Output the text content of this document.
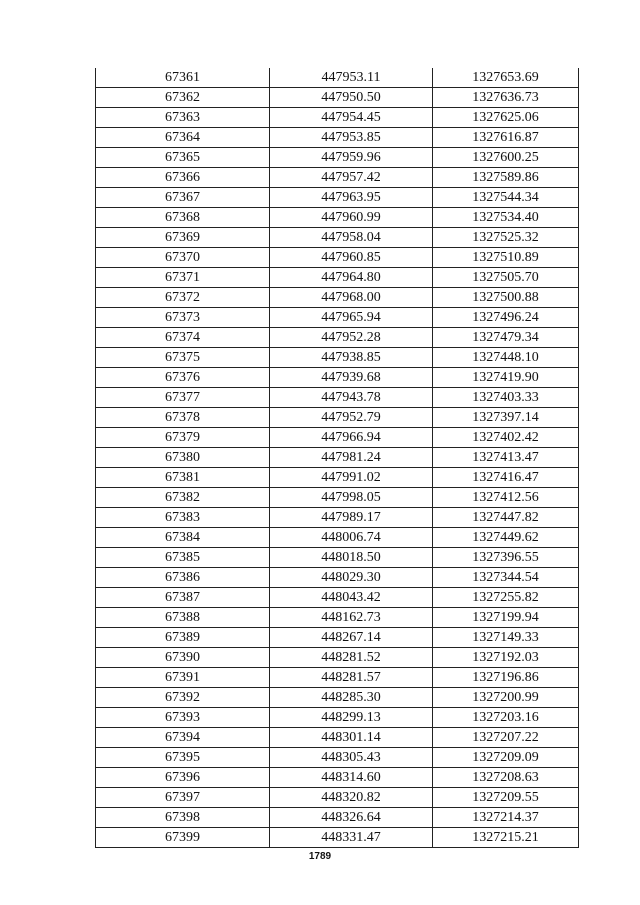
67361	447953.11	1327653.69
67362	447950.50	1327636.73
67363	447954.45	1327625.06
67364	447953.85	1327616.87
67365	447959.96	1327600.25
67366	447957.42	1327589.86
67367	447963.95	1327544.34
67368	447960.99	1327534.40
67369	447958.04	1327525.32
67370	447960.85	1327510.89
67371	447964.80	1327505.70
67372	447968.00	1327500.88
67373	447965.94	1327496.24
67374	447952.28	1327479.34
67375	447938.85	1327448.10
67376	447939.68	1327419.90
67377	447943.78	1327403.33
67378	447952.79	1327397.14
67379	447966.94	1327402.42
67380	447981.24	1327413.47
67381	447991.02	1327416.47
67382	447998.05	1327412.56
67383	447989.17	1327447.82
67384	448006.74	1327449.62
67385	448018.50	1327396.55
67386	448029.30	1327344.54
67387	448043.42	1327255.82
67388	448162.73	1327199.94
67389	448267.14	1327149.33
67390	448281.52	1327192.03
67391	448281.57	1327196.86
67392	448285.30	1327200.99
67393	448299.13	1327203.16
67394	448301.14	1327207.22
67395	448305.43	1327209.09
67396	448314.60	1327208.63
67397	448320.82	1327209.55
67398	448326.64	1327214.37
67399	448331.47	1327215.21
1789
